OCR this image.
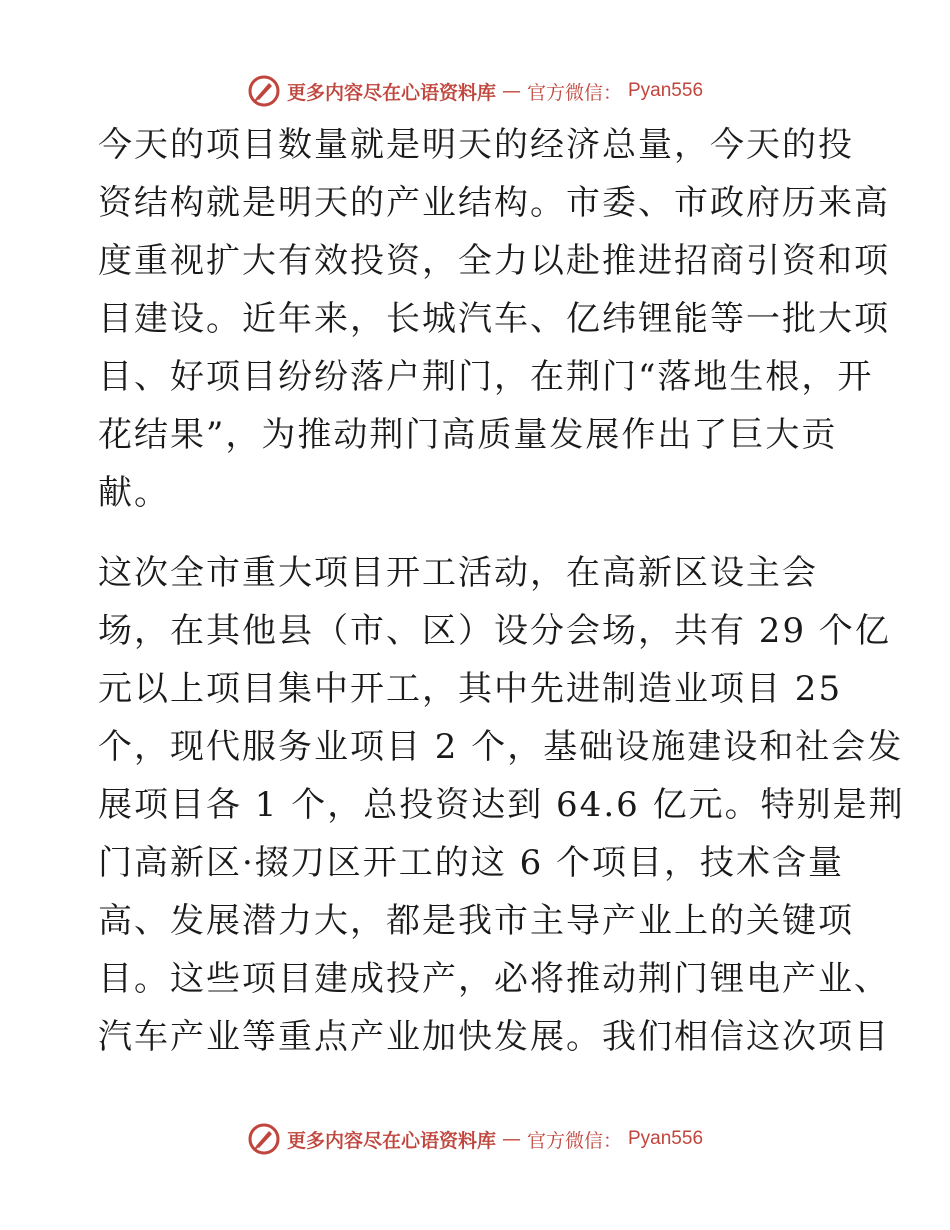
更多内容尽在心语资料库 — 官方微信： Pyan556
今天的项目数量就是明天的经济总量，今天的投
资结构就是明天的产业结构。市委、市政府历来高
度重视扩大有效投资，全力以赴推进招商引资和项
目建设。近年来，长城汽车、亿纬锂能等一批大项
目、好项目纷纷落户荆门，在荆门“落地生根，开
花结果”，为推动荆门高质量发展作出了巨大贡
献。
这次全市重大项目开工活动，在高新区设主会
场，在其他县（市、区）设分会场，共有 29 个亿
元以上项目集中开工，其中先进制造业项目 25
个，现代服务业项目 2 个，基础设施建设和社会发
展项目各 1 个，总投资达到 64.6 亿元。特别是荆
门高新区·掇刀区开工的这 6 个项目，技术含量
高、发展潜力大，都是我市主导产业上的关键项
目。这些项目建成投产，必将推动荆门锂电产业、
汽车产业等重点产业加快发展。我们相信这次项目
更多内容尽在心语资料库 — 官方微信： Pyan556
